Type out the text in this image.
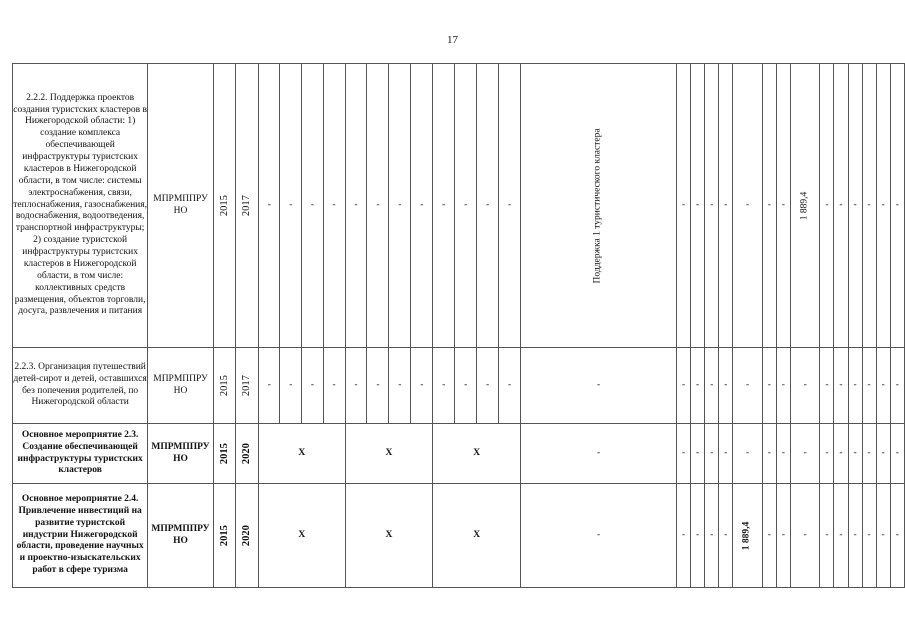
17
2.2.2. Поддержка проектов создания туристских кластеров в Нижегородской области: 1) создание комплекса обеспечивающей инфраструктуры туристских кластеров в Нижегородской области, в том числе: системы электроснабжения, связи, теплоснабжения, газоснабжения, водоснабжения, водоотведения, транспортной инфраструктуры; 2) создание туристской инфраструктуры туристских кластеров в Нижегородской области, в том числе: коллективных средств размещения, объектов торговли, досуга, развлечения и питания	МПРМППРУ НО	2015	2017	-	-	-	-	-	-	-	-	-	-	-	-	Поддержка 1 туристического кластера	-	-	-	-	-	-	-	1 889,4	-	-	-	-	-	-
2.2.3. Организация путешествий детей-сирот и детей, оставшихся без попечения родителей, по Нижегородской области	МПРМППРУ НО	2015	2017	-	-	-	-	-	-	-	-	-	-	-	-	-	-	-	-	-	-	-	-	-	-	-	-	-	-	-
Основное мероприятие 2.3. Создание обеспечивающей инфраструктуры туристских кластеров	МПРМППРУ НО	2015	2020	Х				Х				Х				-	-	-	-	-	-	-	-	-	-	-	-	-	-	-
Основное мероприятие 2.4. Привлечение инвестиций на развитие туристской индустрии Нижегородской области, проведение научных и проектно-изыскательских работ в сфере туризма	МПРМППРУ НО	2015	2020	Х				Х				Х				-	-	-	-	-	1 889,4	-	-	-	-	-	-	-	-	-
